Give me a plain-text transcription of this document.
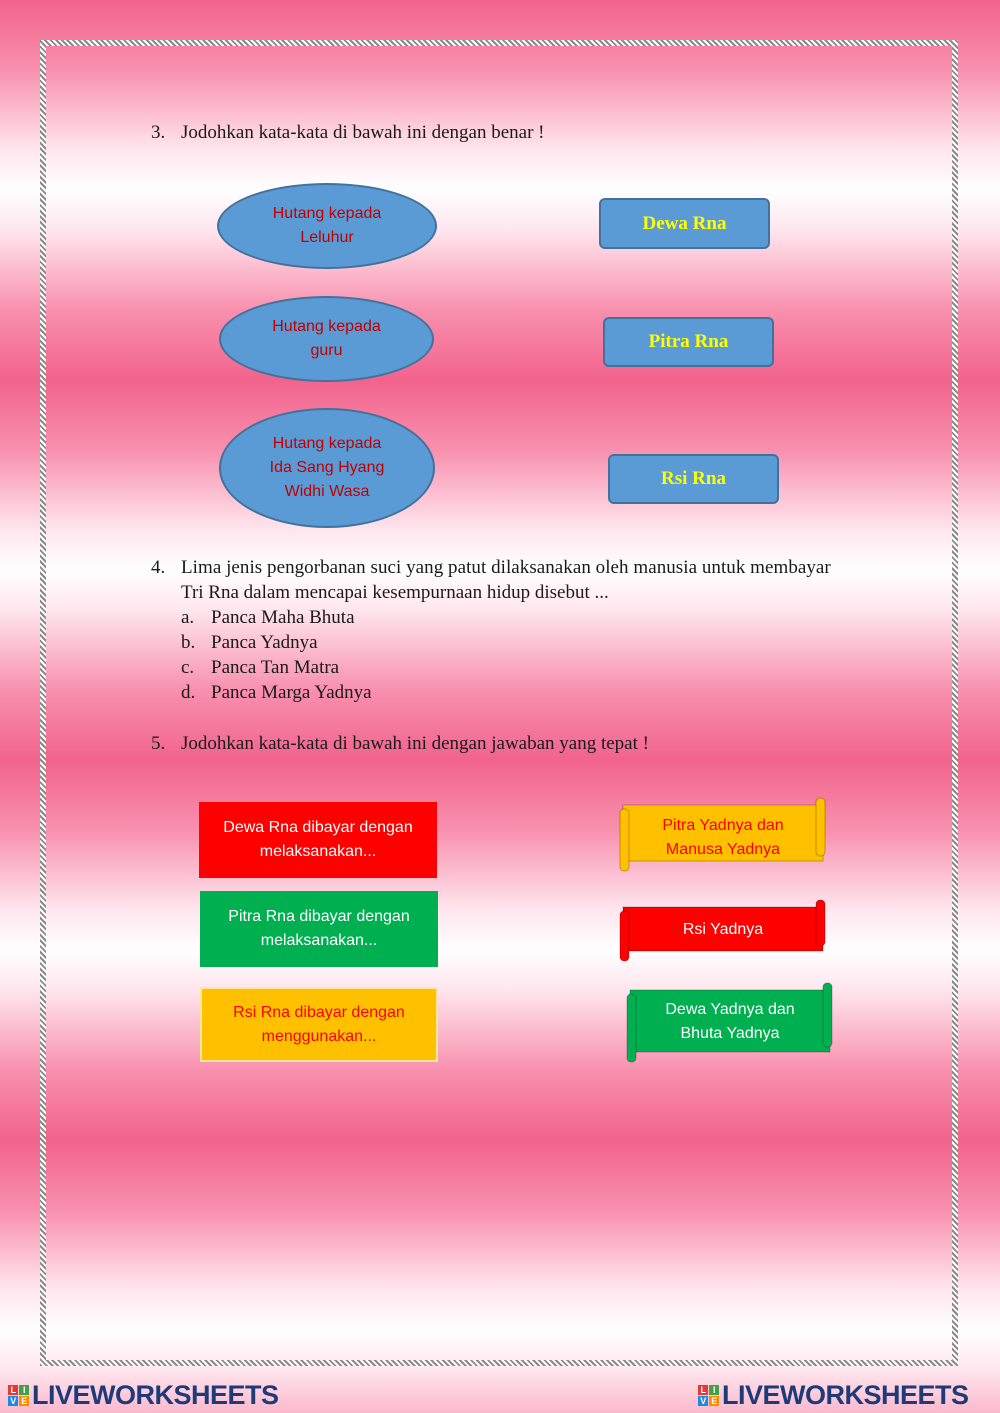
3. Jodohkan kata-kata di bawah ini dengan benar !
Hutang kepada
Leluhur
Hutang kepada
guru
Hutang kepada
Ida Sang Hyang
Widhi Wasa
Dewa Rna
Pitra Rna
Rsi Rna
4. Lima jenis pengorbanan suci yang patut dilaksanakan oleh manusia untuk membayar
Tri Rna dalam mencapai kesempurnaan hidup disebut ...
a. Panca Maha Bhuta
b. Panca Yadnya
c. Panca Tan Matra
d. Panca Marga Yadnya
5. Jodohkan kata-kata di bawah ini dengan jawaban yang tepat !
Dewa Rna dibayar dengan
melaksanakan...
Pitra Rna dibayar dengan
melaksanakan...
Rsi Rna dibayar dengan
menggunakan...
Pitra Yadnya dan
Manusa Yadnya
Rsi Yadnya
Dewa Yadnya dan
Bhuta Yadnya
L I
V E LIVEWORKSHEETS	L I
V E LIVEWORKSHEETS
